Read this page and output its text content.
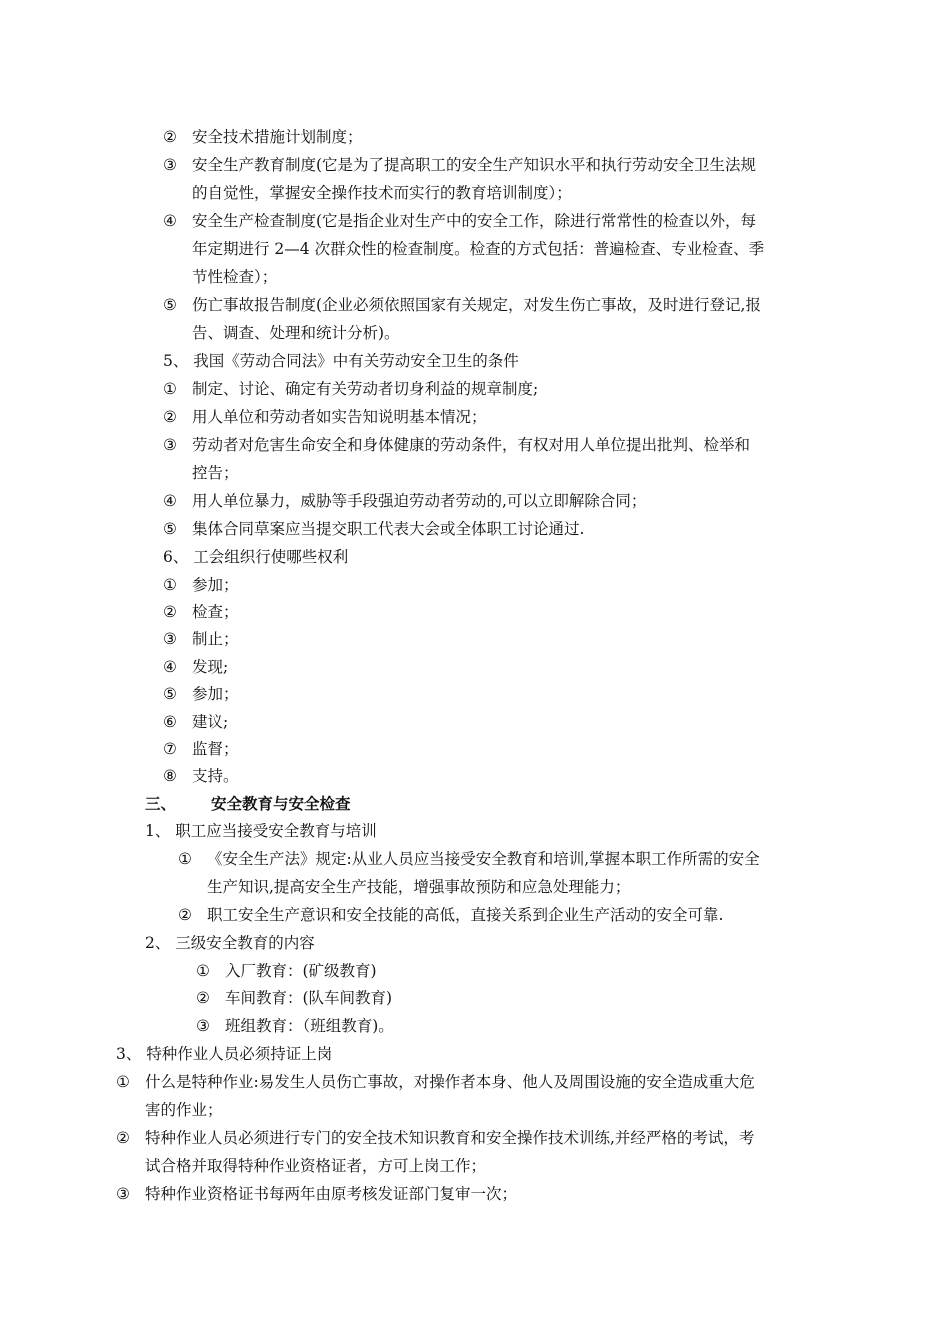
② 安全技术措施计划制度；
③ 安全生产教育制度(它是为了提高职工的安全生产知识水平和执行劳动安全卫生法规
的自觉性，掌握安全操作技术而实行的教育培训制度）；
④ 安全生产检查制度(它是指企业对生产中的安全工作，除进行常常性的检查以外，每
年定期进行 2—4 次群众性的检查制度。检查的方式包括：普遍检查、专业检查、季
节性检查）；
⑤ 伤亡事故报告制度(企业必须依照国家有关规定，对发生伤亡事故，及时进行登记,报
告、调查、处理和统计分析)。
5、 我国《劳动合同法》中有关劳动安全卫生的条件
① 制定、讨论、确定有关劳动者切身利益的规章制度;
② 用人单位和劳动者如实告知说明基本情况；
③ 劳动者对危害生命安全和身体健康的劳动条件，有权对用人单位提出批判、检举和
控告；
④ 用人单位暴力，威胁等手段强迫劳动者劳动的,可以立即解除合同；
⑤ 集体合同草案应当提交职工代表大会或全体职工讨论通过.
6、 工会组织行使哪些权利
① 参加；
② 检查；
③ 制止；
④ 发现;
⑤ 参加；
⑥ 建议;
⑦ 监督；
⑧ 支持。
三、 安全教育与安全检查
1、 职工应当接受安全教育与培训
① 《安全生产法》规定:从业人员应当接受安全教育和培训,掌握本职工作所需的安全
生产知识,提高安全生产技能，增强事故预防和应急处理能力；
② 职工安全生产意识和安全技能的高低，直接关系到企业生产活动的安全可靠.
2、 三级安全教育的内容
① 入厂教育：(矿级教育)
② 车间教育：(队车间教育)
③ 班组教育：（班组教育)。
3、 特种作业人员必须持证上岗
① 什么是特种作业:易发生人员伤亡事故，对操作者本身、他人及周围设施的安全造成重大危
害的作业；
② 特种作业人员必须进行专门的安全技术知识教育和安全操作技术训练,并经严格的考试，考
试合格并取得特种作业资格证者，方可上岗工作；
③ 特种作业资格证书每两年由原考核发证部门复审一次；
